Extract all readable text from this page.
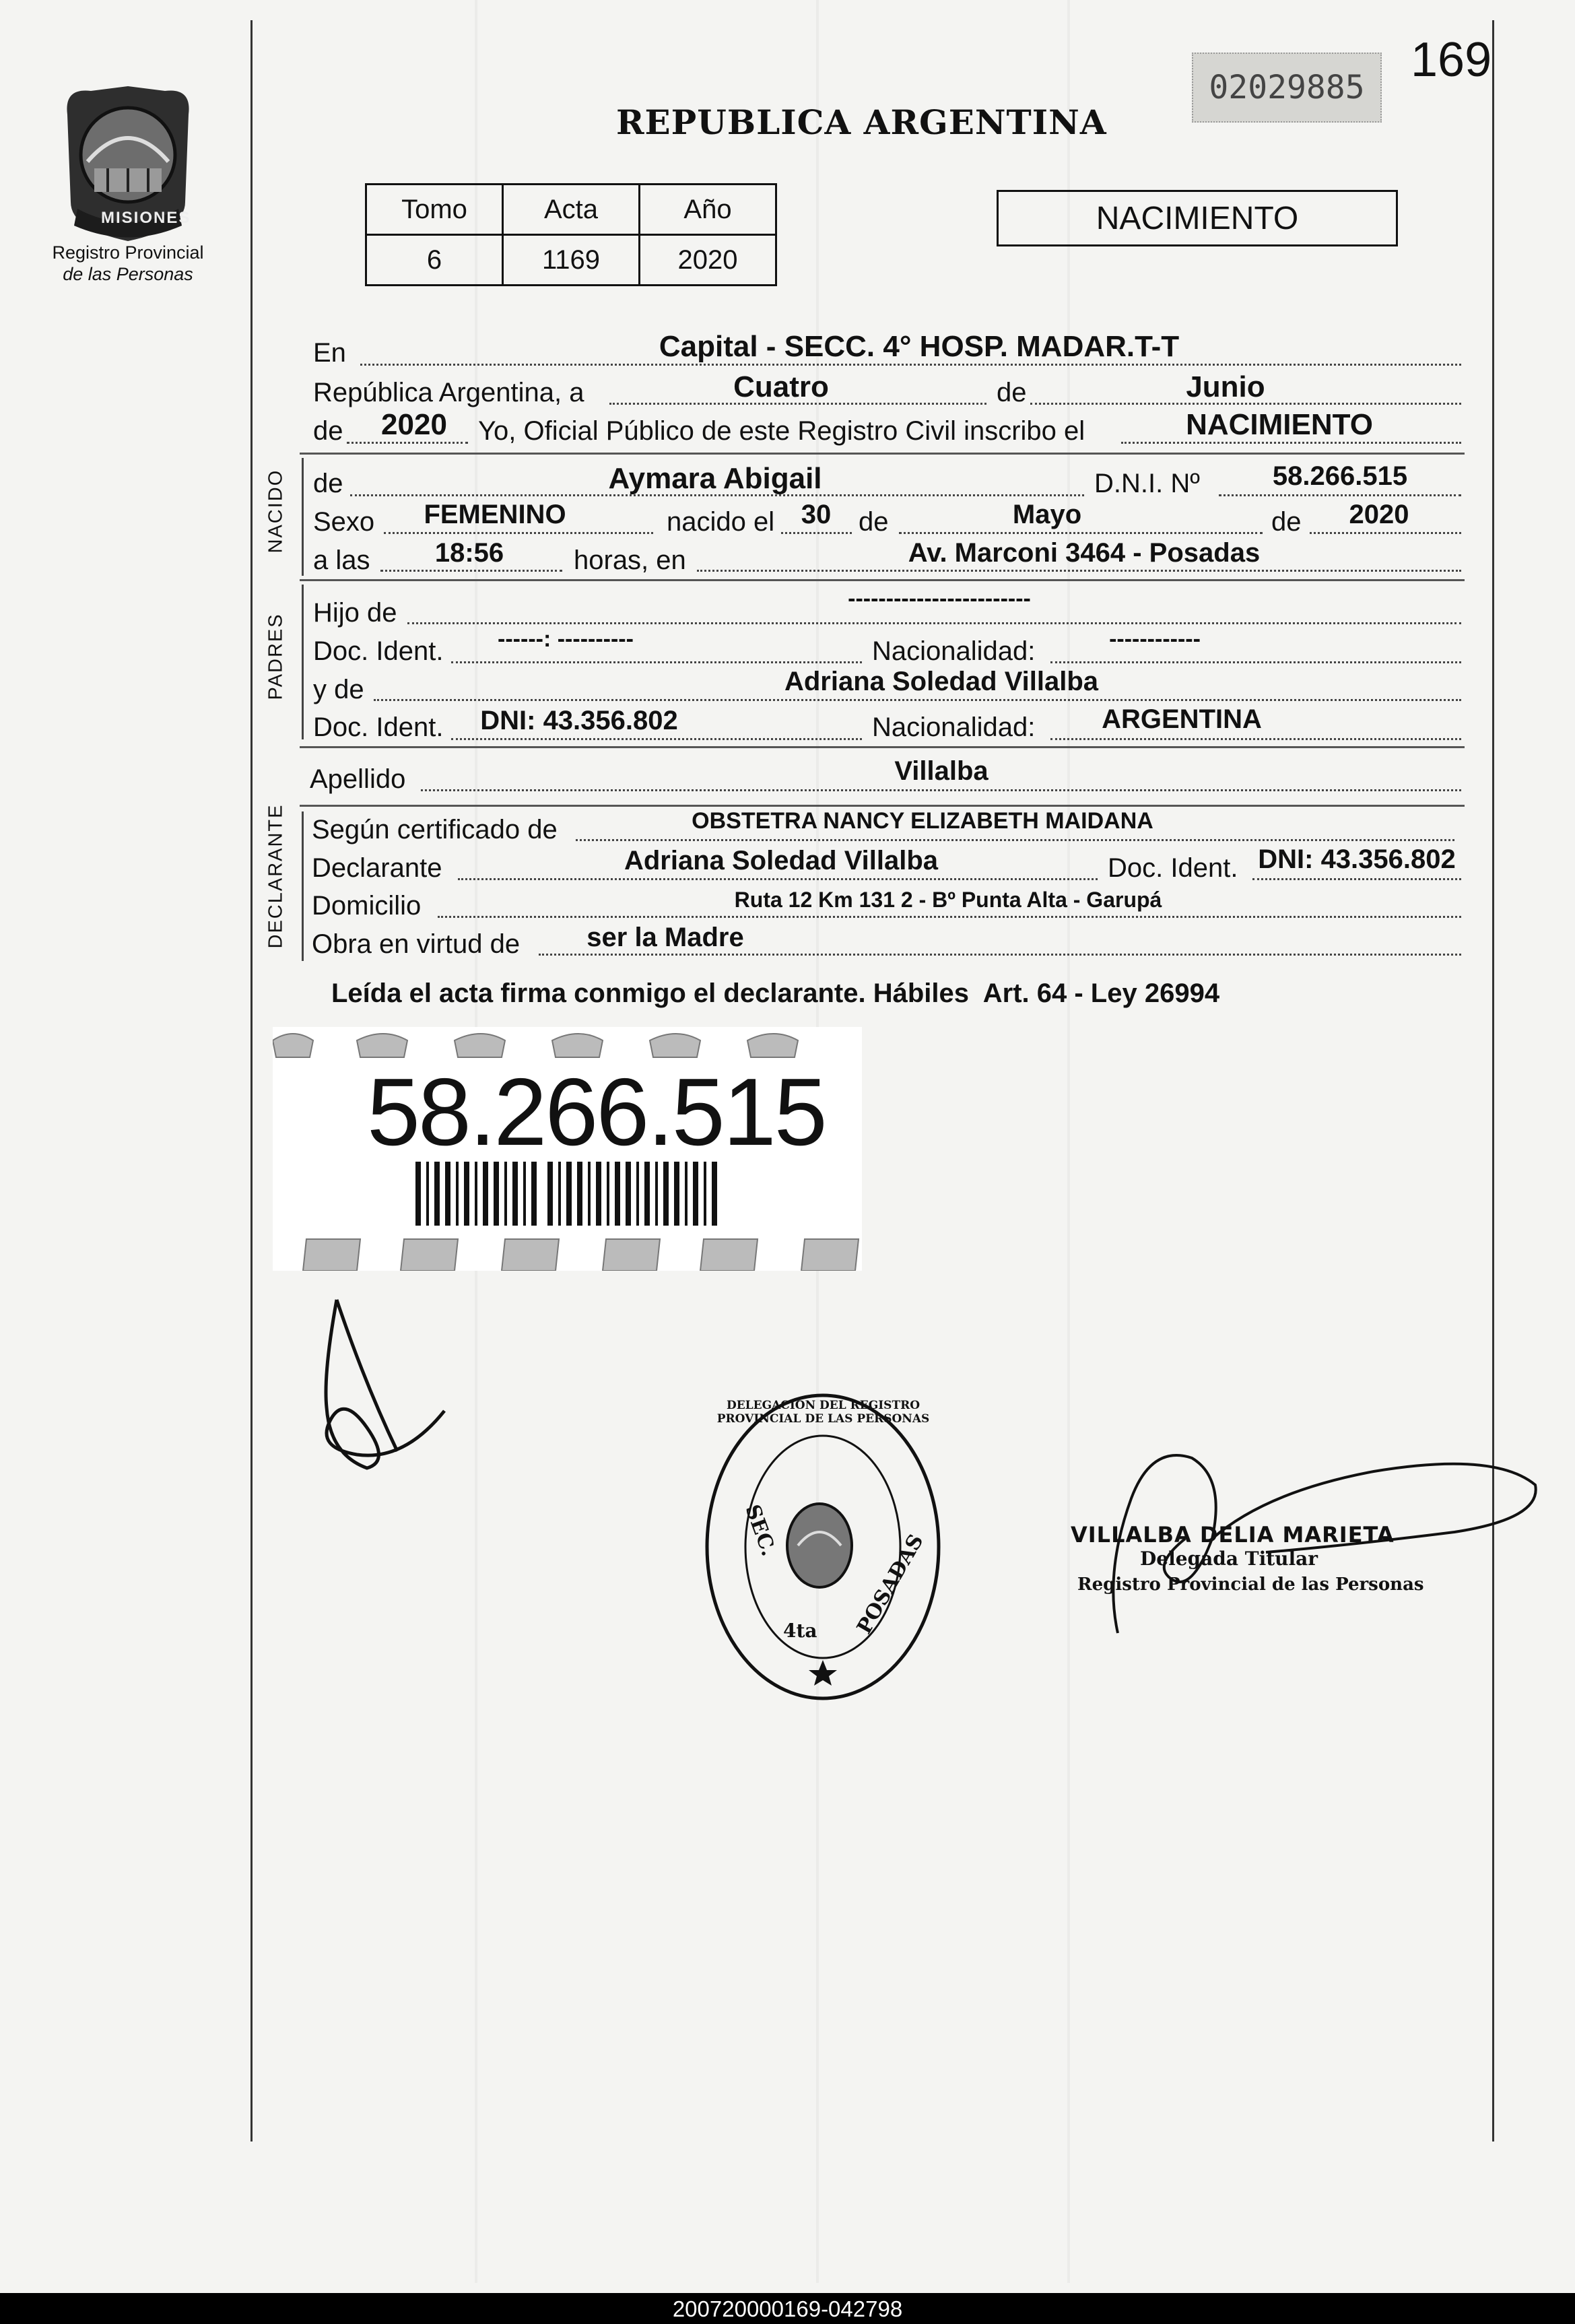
169
02029885
MISIONES
Registro Provincial
de las Personas
REPUBLICA ARGENTINA
Tomo	Acta	Año
6	1169	2020
NACIMIENTO
En	Capital - SECC. 4° HOSP. MADAR.T-T
República Argentina, a	Cuatro	de	Junio
de 2020 Yo, Oficial Público de este Registro Civil inscribo el	NACIMIENTO
NACIDO de	Aymara Abigail	D.N.I. Nº	58.266.515
Sexo FEMENINO	nacido el 30 de	Mayo	de 2020
a las 18:56	horas, en	Av. Marconi 3464 - Posadas
PADRES
Hijo de	------------------------
Doc. Ident. ------: ----------	Nacionalidad:	------------
y de	Adriana Soledad Villalba
Doc. Ident. DNI: 43.356.802	Nacionalidad: ARGENTINA
Apellido	Villalba
DECLARANTE Según certificado de	OBSTETRA NANCY ELIZABETH MAIDANA
Declarante	Adriana Soledad Villalba	Doc. Ident. DNI: 43.356.802
Domicilio	Ruta 12 Km 131 2 - Bº Punta Alta - Garupá
Obra en virtud de ser la Madre
Leída el acta firma conmigo el declarante. Hábiles  Art. 64 - Ley 26994
58.266.515
DELEGACION DEL REGISTRO PROVINCIAL DE LAS PERSONAS
SEC.
4ta POSADAS	VILLALBA DELIA MARIETA
Delegada Titular
Registro Provincial de las Personas
200720000169-042798
